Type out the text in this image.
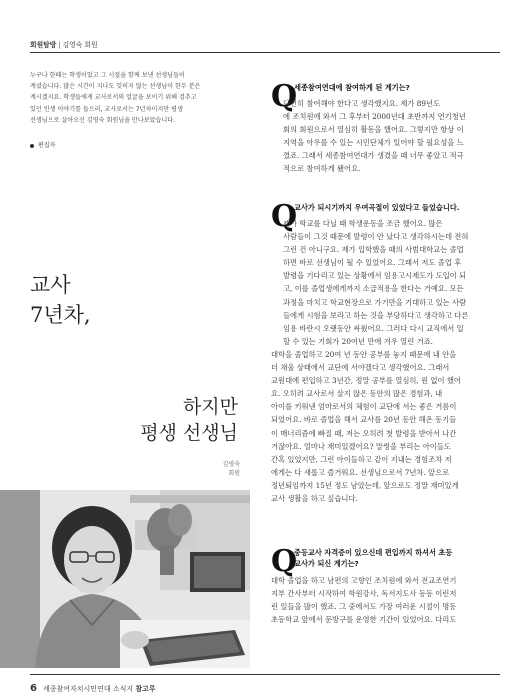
회원탐방 | 김영숙 회원
누구나 한때는 학생이었고 그 시절을 함께 보낸 선생님들이
계셨습니다. 많은 시간이 지나도 잊히지 않는 선생님이 한두 분은
계시겠지요. 학생들에게 교사로서의 얼굴을 보이기 위해 검추고
있던 인생 이야기를 들으러, 교사로서는 7년차이지만 평생
선생님으로 살아오신 김영숙 회원님을 만나보았습니다.
편집자
교사
7년차,
하지만
평생 선생님
김영숙
회원
Q
세종참여연대에 참여하게 된 계기는?
당연히 참여해야 한다고 생각했지요. 제가 89년도
에 조치원에 와서 그 후부터 2000년대 초반까지 연기청년
회의 회원으로서 열심히 활동을 했어요. 그렇지만 항상 이
지역을 아우를 수 있는 시민단체가 있어야 할 필요성을 느
꼈죠. 그래서 세종참여연대가 생겼을 때 너무 좋았고 적극
적으로 참여하게 됐어요.
Q
교사가 되시기까지 우여곡절이 있었다고 들었습니다.
제가 학교를 다닐 때 학생운동을 조금 했어요. 많은
사람들이 그것 때문에 발령이 안 났다고 생각하시는데 전혀
그런 건 아니구요. 제가 입학했을 때의 사범대학교는 졸업
하면 바로 선생님이 될 수 있었어요. 그래서 저도 졸업 후
발령을 기다리고 있는 상황에서 임용고시제도가 도입이 되
고, 이를 졸업생에게까지 소급적용을 한다는 거예요. 모든
과정을 마치고 학교현장으로 가기만을 기대하고 있는 사람
들에게 시험을 보라고 하는 것을 부당하다고 생각하고 다른
임용 바란시 오랫동안 싸웠어요. 그러다 다시 교직에서 일
할 수 있는 기회가 20여년 만에 겨우 열린 거죠.
대학을 졸업하고 20여 년 동안 공부를 놓지 때문에 내 안을
더 채울 상태에서 교단에 서야겠다고 생각했어요. 그래서
교원대에 편입하고 3년간, 정말 공부를 열심히, 원 없이 했어
요. 오히려 교사로서 살지 않은 동안의 많은 경험과, 내
아이를 키워낸 엄마로서의 체험이 교단에 서는 좋은 거름이
되었어요. 바로 졸업을 해서 교사를 20년 동안 해온 동기들
이 매너리즘에 빠질 때, 저는 오히려 첫 발령을 받아서 나간
거잖아요. 얼마나 재미있겠어요? 말썽을 부리는 아이들도
간혹 있었지만, 그런 아이들하고 같이 지내는 경험조차 저
에게는 다 새롭고 즐거워요. 선생님으로서 7년차. 앞으로
정년퇴임까지 15년 정도 남았는데, 앞으로도 정말 재미있게
교사 생활을 하고 싶습니다.
Q
중등교사 자격증이 있으신데 편입까지 하셔서 초등
교사가 되신 계기는?
대학 졸업을 하고 남편의 고향인 조치원에 와서 전교조연기
지부 간사부터 시작하여 학원강사, 독서지도사 등등 이런저
런 일들을 많이 했죠. 그 중에서도 가장 여러운 시절이 명동
초등학교 앞에서 문방구를 운영한 기간이 있었어요. 다리도
6 세종참여자치시민연대 소식지 참고루
